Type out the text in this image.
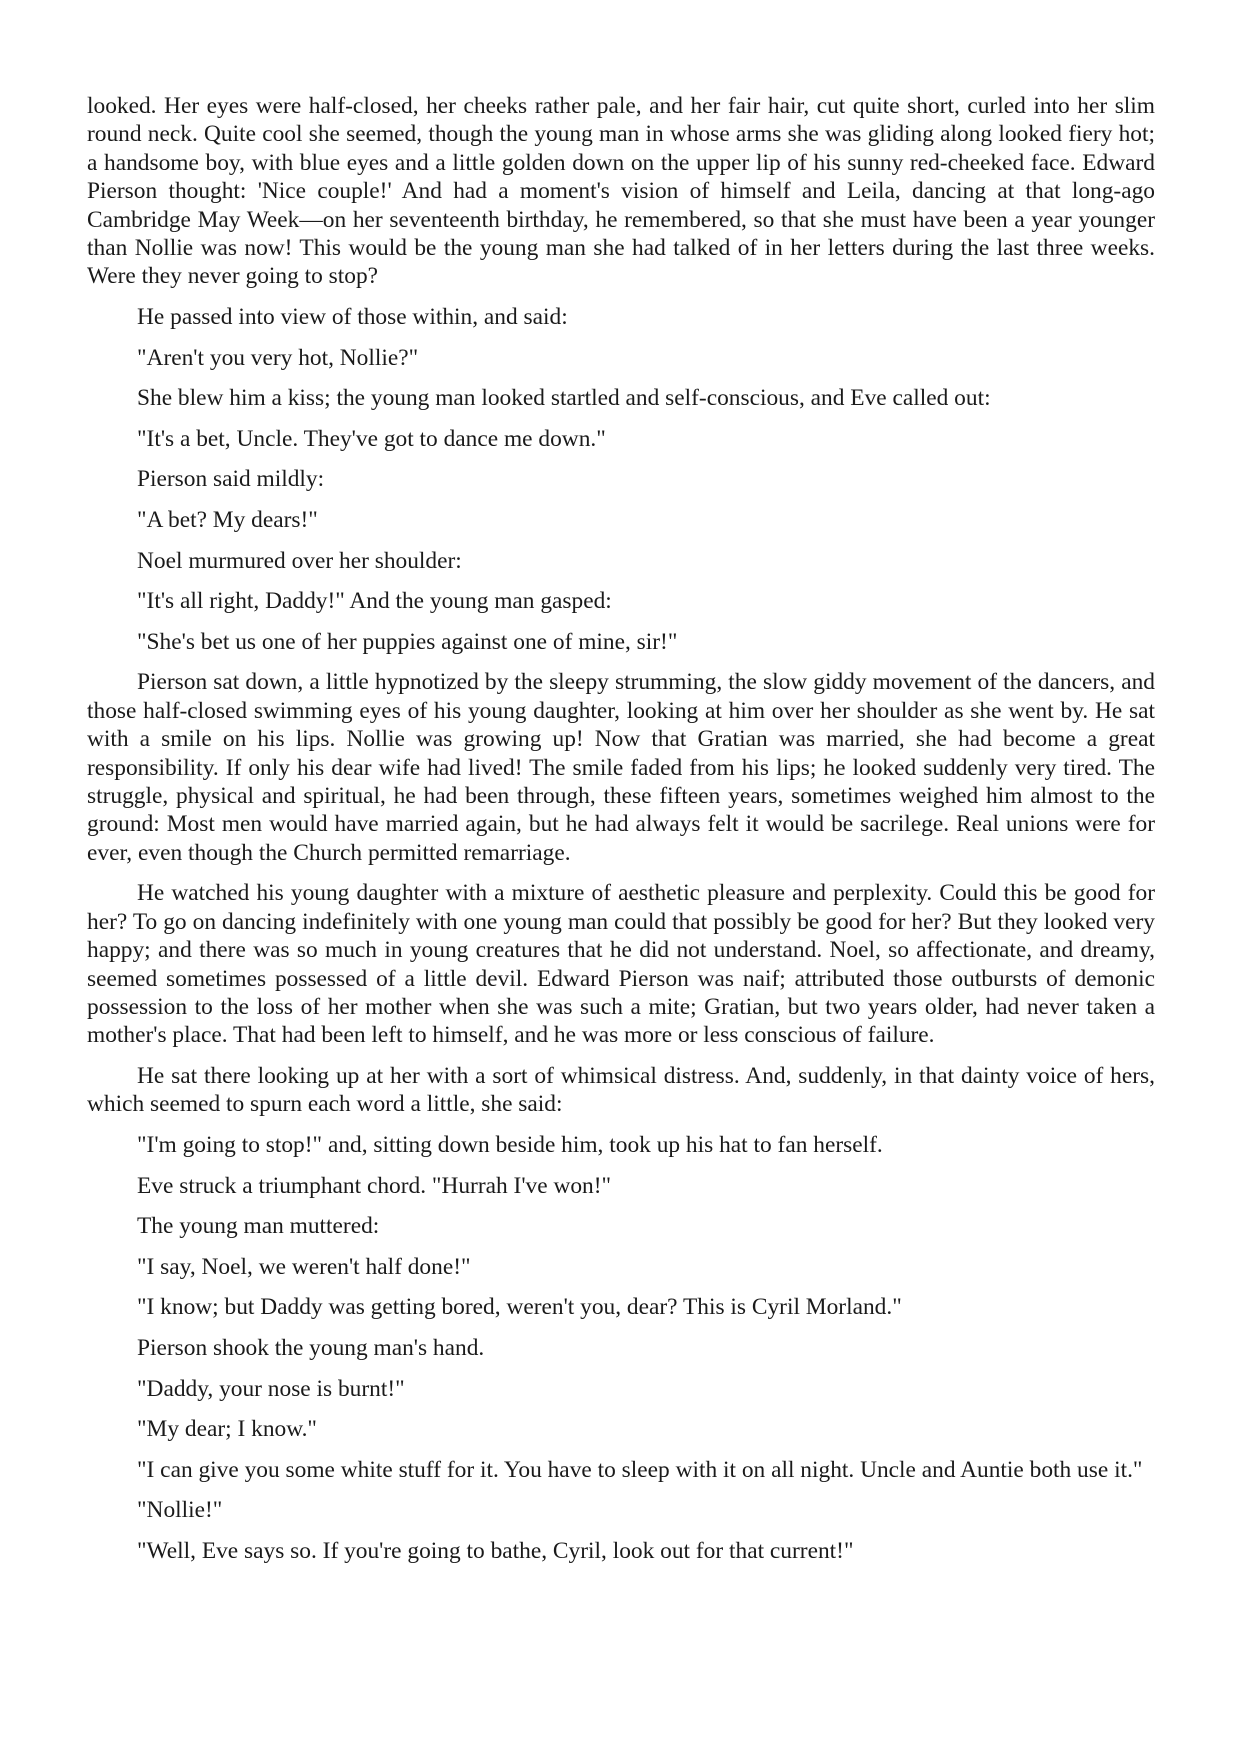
looked. Her eyes were half-closed, her cheeks rather pale, and her fair hair, cut quite short, curled into her slim round neck. Quite cool she seemed, though the young man in whose arms she was gliding along looked fiery hot; a handsome boy, with blue eyes and a little golden down on the upper lip of his sunny red-cheeked face. Edward Pierson thought: 'Nice couple!' And had a moment's vision of himself and Leila, dancing at that long-ago Cambridge May Week—on her seventeenth birthday, he remembered, so that she must have been a year younger than Nollie was now! This would be the young man she had talked of in her letters during the last three weeks. Were they never going to stop?

He passed into view of those within, and said:

"Aren't you very hot, Nollie?"

She blew him a kiss; the young man looked startled and self-conscious, and Eve called out:

"It's a bet, Uncle. They've got to dance me down."

Pierson said mildly:

"A bet? My dears!"

Noel murmured over her shoulder:

"It's all right, Daddy!" And the young man gasped:

"She's bet us one of her puppies against one of mine, sir!"

Pierson sat down, a little hypnotized by the sleepy strumming, the slow giddy movement of the dancers, and those half-closed swimming eyes of his young daughter, looking at him over her shoulder as she went by. He sat with a smile on his lips. Nollie was growing up! Now that Gratian was married, she had become a great responsibility. If only his dear wife had lived! The smile faded from his lips; he looked suddenly very tired. The struggle, physical and spiritual, he had been through, these fifteen years, sometimes weighed him almost to the ground: Most men would have married again, but he had always felt it would be sacrilege. Real unions were for ever, even though the Church permitted remarriage.

He watched his young daughter with a mixture of aesthetic pleasure and perplexity. Could this be good for her? To go on dancing indefinitely with one young man could that possibly be good for her? But they looked very happy; and there was so much in young creatures that he did not understand. Noel, so affectionate, and dreamy, seemed sometimes possessed of a little devil. Edward Pierson was naif; attributed those outbursts of demonic possession to the loss of her mother when she was such a mite; Gratian, but two years older, had never taken a mother's place. That had been left to himself, and he was more or less conscious of failure.

He sat there looking up at her with a sort of whimsical distress. And, suddenly, in that dainty voice of hers, which seemed to spurn each word a little, she said:

"I'm going to stop!" and, sitting down beside him, took up his hat to fan herself.

Eve struck a triumphant chord. "Hurrah I've won!"

The young man muttered:

"I say, Noel, we weren't half done!"

"I know; but Daddy was getting bored, weren't you, dear? This is Cyril Morland."

Pierson shook the young man's hand.

"Daddy, your nose is burnt!"

"My dear; I know."

"I can give you some white stuff for it. You have to sleep with it on all night. Uncle and Auntie both use it."

"Nollie!"

"Well, Eve says so. If you're going to bathe, Cyril, look out for that current!"
